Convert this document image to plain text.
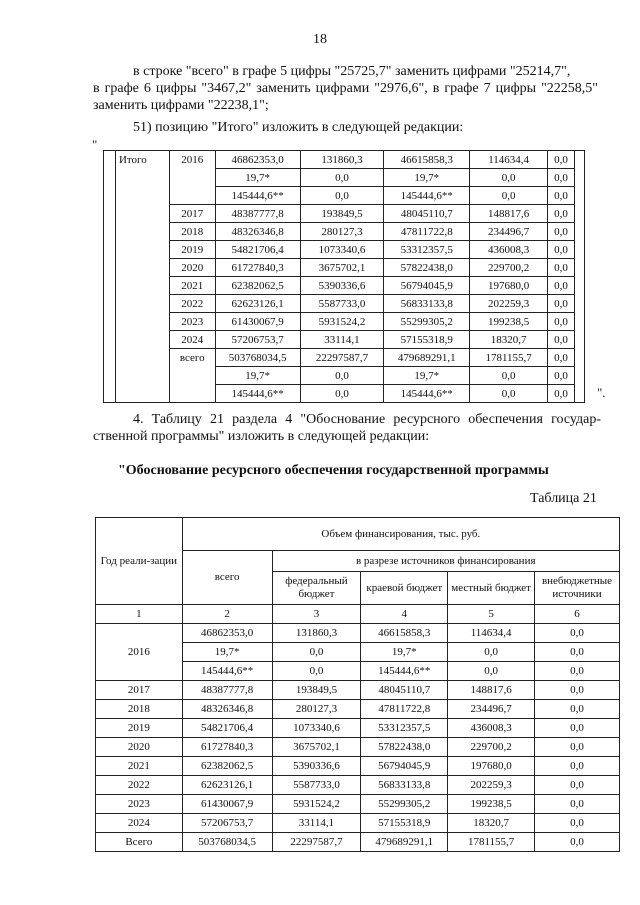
18
в строке "всего" в графе 5 цифры "25725,7" заменить цифрами "25214,7",
в графе 6 цифры "3467,2" заменить цифрами "2976,6", в графе 7 цифры "22258,5" заменить цифрами "22238,1";
51) позицию "Итого" изложить в следующей редакции:
"
	Итого	2016	46862353,0	131860,3	46615858,3	114634,4	0,0	
			19,7*	0,0	19,7*	0,0	0,0	
			145444,6**	0,0	145444,6**	0,0	0,0	
		2017	48387777,8	193849,5	48045110,7	148817,6	0,0	
		2018	48326346,8	280127,3	47811722,8	234496,7	0,0	
		2019	54821706,4	1073340,6	53312357,5	436008,3	0,0	
		2020	61727840,3	3675702,1	57822438,0	229700,2	0,0	
		2021	62382062,5	5390336,6	56794045,9	197680,0	0,0	
		2022	62623126,1	5587733,0	56833133,8	202259,3	0,0	
		2023	61430067,9	5931524,2	55299305,2	199238,5	0,0	
		2024	57206753,7	33114,1	57155318,9	18320,7	0,0	
		всего	503768034,5	22297587,7	479689291,1	1781155,7	0,0	
			19,7*	0,0	19,7*	0,0	0,0	
			145444,6**	0,0	145444,6**	0,0	0,0	".
4. Таблицу 21 раздела 4 "Обоснование ресурсного обеспечения государ-ственной программы" изложить в следующей редакции:
"Обоснование ресурсного обеспечения государственной программы
Таблица 21
Год реали-зации	Объем финансирования, тыс. руб.				
	всего	в разрезе источников финансирования			
		федеральный бюджет	краевой бюджет	местный бюджет	внебюджетные источники
1	2	3	4	5	6
2016	46862353,0	131860,3	46615858,3	114634,4	0,0
	19,7*	0,0	19,7*	0,0	0,0
	145444,6**	0,0	145444,6**	0,0	0,0
2017	48387777,8	193849,5	48045110,7	148817,6	0,0
2018	48326346,8	280127,3	47811722,8	234496,7	0,0
2019	54821706,4	1073340,6	53312357,5	436008,3	0,0
2020	61727840,3	3675702,1	57822438,0	229700,2	0,0
2021	62382062,5	5390336,6	56794045,9	197680,0	0,0
2022	62623126,1	5587733,0	56833133,8	202259,3	0,0
2023	61430067,9	5931524,2	55299305,2	199238,5	0,0
2024	57206753,7	33114,1	57155318,9	18320,7	0,0
Всего	503768034,5	22297587,7	479689291,1	1781155,7	0,0
